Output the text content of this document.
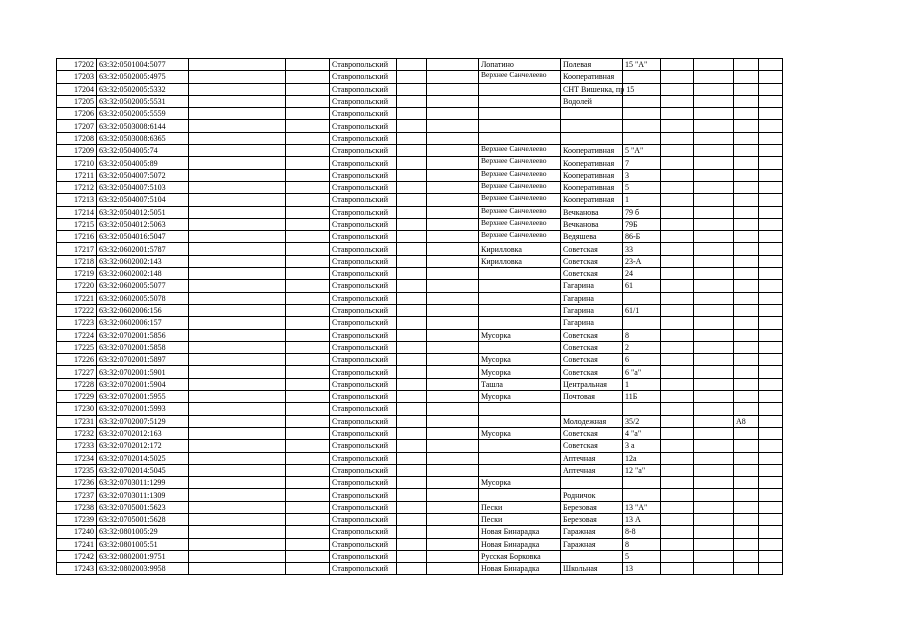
17202	63:32:0501004:5077			Ставропольский			Лопатино	Полевая	15 "А"				
17203	63:32:0502005:4975			Ставропольский			Верхнее Санчелеево	Кооперативная					
17204	63:32:0502005:5332			Ставропольский				СНТ Вишенка, пр 15					
17205	63:32:0502005:5531			Ставропольский				Водолей					
17206	63:32:0502005:5559			Ставропольский									
17207	63:32:0503008:6144			Ставропольский									
17208	63:32:0503008:6365			Ставропольский									
17209	63:32:0504005:74			Ставропольский			Верхнее Санчелеево	Кооперативная	5 "А"				
17210	63:32:0504005:89			Ставропольский			Верхнее Санчелеево	Кооперативная	7				
17211	63:32:0504007:5072			Ставропольский			Верхнее Санчелеево	Кооперативная	3				
17212	63:32:0504007:5103			Ставропольский			Верхнее Санчелеево	Кооперативная	5				
17213	63:32:0504007:5104			Ставропольский			Верхнее Санчелеево	Кооперативная	1				
17214	63:32:0504012:5051			Ставропольский			Верхнее Санчелеево	Вечканова	79 б				
17215	63:32:0504012:5063			Ставропольский			Верхнее Санчелеево	Вечканова	79Б				
17216	63:32:0504016:5047			Ставропольский			Верхнее Санчелеево	Ведяшева	86-Б				
17217	63:32:0602001:5787			Ставропольский			Кирилловка	Советская	33				
17218	63:32:0602002:143			Ставропольский			Кирилловка	Советская	23-А				
17219	63:32:0602002:148			Ставропольский				Советская	24				
17220	63:32:0602005:5077			Ставропольский				Гагарина	61				
17221	63:32:0602005:5078			Ставропольский				Гагарина					
17222	63:32:0602006:156			Ставропольский				Гагарина	61/1				
17223	63:32:0602006:157			Ставропольский				Гагарина					
17224	63:32:0702001:5856			Ставропольский			Мусорка	Советская	8				
17225	63:32:0702001:5858			Ставропольский				Советская	2				
17226	63:32:0702001:5897			Ставропольский			Мусорка	Советская	6				
17227	63:32:0702001:5901			Ставропольский			Мусорка	Советская	6 "а"				
17228	63:32:0702001:5904			Ставропольский			Ташла	Центральная	1				
17229	63:32:0702001:5955			Ставропольский			Мусорка	Почтовая	11Б				
17230	63:32:0702001:5993			Ставропольский									
17231	63:32:0702007:5129			Ставропольский				Молодежная	35/2			А8	
17232	63:32:0702012:163			Ставропольский			Мусорка	Советская	4 "а"				
17233	63:32:0702012:172			Ставропольский				Советская	3 а				
17234	63:32:0702014:5025			Ставропольский				Аптечная	12а				
17235	63:32:0702014:5045			Ставропольский				Аптечная	12 "а"				
17236	63:32:0703011:1299			Ставропольский			Мусорка						
17237	63:32:0703011:1309			Ставропольский				Родничок					
17238	63:32:0705001:5623			Ставропольский			Пески	Березовая	13 "А"				
17239	63:32:0705001:5628			Ставропольский			Пески	Березовая	13 А				
17240	63:32:0801005:29			Ставропольский			Новая Бинарадка	Гаражная	8-8				
17241	63:32:0801005:51			Ставропольский			Новая Бинарадка	Гаражная	8				
17242	63:32:0802001:9751			Ставропольский			Русская Борковка		5				
17243	63:32:0802003:9958			Ставропольский			Новая Бинарадка	Школьная	13				
